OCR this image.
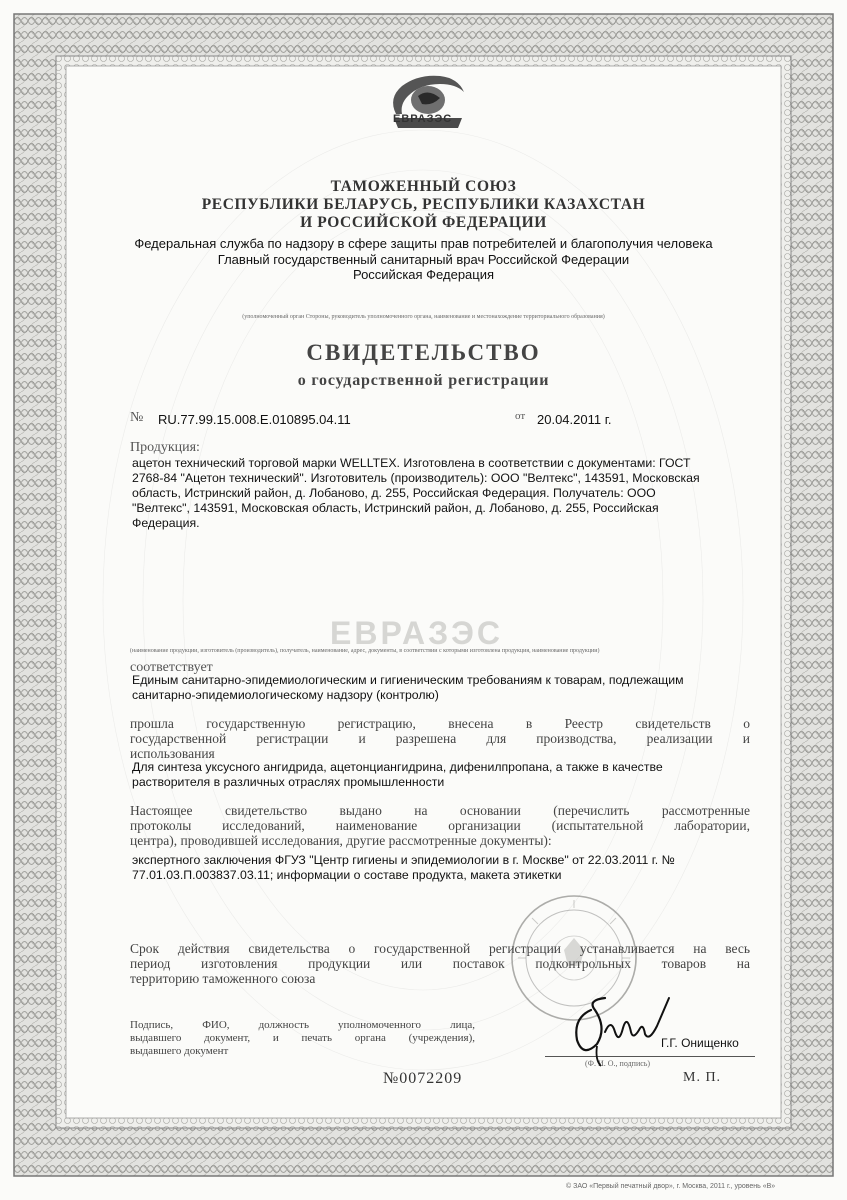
ЕВРАЗЭС
ТАМОЖЕННЫЙ СОЮЗ
РЕСПУБЛИКИ БЕЛАРУСЬ, РЕСПУБЛИКИ КАЗАХСТАН
И РОССИЙСКОЙ ФЕДЕРАЦИИ
Федеральная служба по надзору в сфере защиты прав потребителей и благополучия человека
Главный государственный санитарный врач Российской Федерации
Российская Федерация
(уполномоченный орган Стороны, руководитель уполномоченного органа, наименование и местонахождение территориального образования)
СВИДЕТЕЛЬСТВО
о государственной регистрации
№ RU.77.99.15.008.Е.010895.04.11	от 20.04.2011 г.
Продукция:
ацетон технический торговой марки WELLTEX. Изготовлена в соответствии с документами: ГОСТ
2768-84 "Ацетон технический". Изготовитель (производитель): ООО "Велтекс", 143591, Московская
область, Истринский район, д. Лобаново, д. 255, Российская Федерация. Получатель: ООО
"Велтекс", 143591, Московская область, Истринский район, д. Лобаново, д. 255, Российская
Федерация.
ЕВРАЗЭС
(наименование продукции, изготовитель (производитель), получатель, наименование, адрес, документы, в соответствии с которыми изготовлена продукция, наименование продукции)
соответствует
Единым санитарно-эпидемиологическим и гигиеническим требованиям к товарам, подлежащим
санитарно-эпидемиологическому надзору (контролю)
прошла государственную регистрацию, внесена в Реестр свидетельств о
государственной регистрации и разрешена для производства, реализации и
использования
Для синтеза уксусного ангидрида, ацетонциангидрина, дифенилпропана, а также в качестве
растворителя в различных отраслях промышленности
Настоящее свидетельство выдано на основании (перечислить рассмотренные
протоколы исследований, наименование организации (испытательной лаборатории,
центра), проводившей исследования, другие рассмотренные документы):
экспертного заключения ФГУЗ "Центр гигиены и эпидемиологии в г. Москве" от 22.03.2011 г. №
77.01.03.П.003837.03.11; информации о составе продукта, макета этикетки
Срок действия свидетельства о государственной регистрации устанавливается на весь
период изготовления продукции или поставок подконтрольных товаров на
территорию таможенного союза
Подпись, ФИО, должность уполномоченного лица,
выдавшего документ, и печать органа (учреждения),
выдавшего документ
(Ф. И. О., подпись)
Г.Г. Онищенко
№0072209	М. П.
© ЗАО «Первый печатный двор», г. Москва, 2011 г., уровень «В»
